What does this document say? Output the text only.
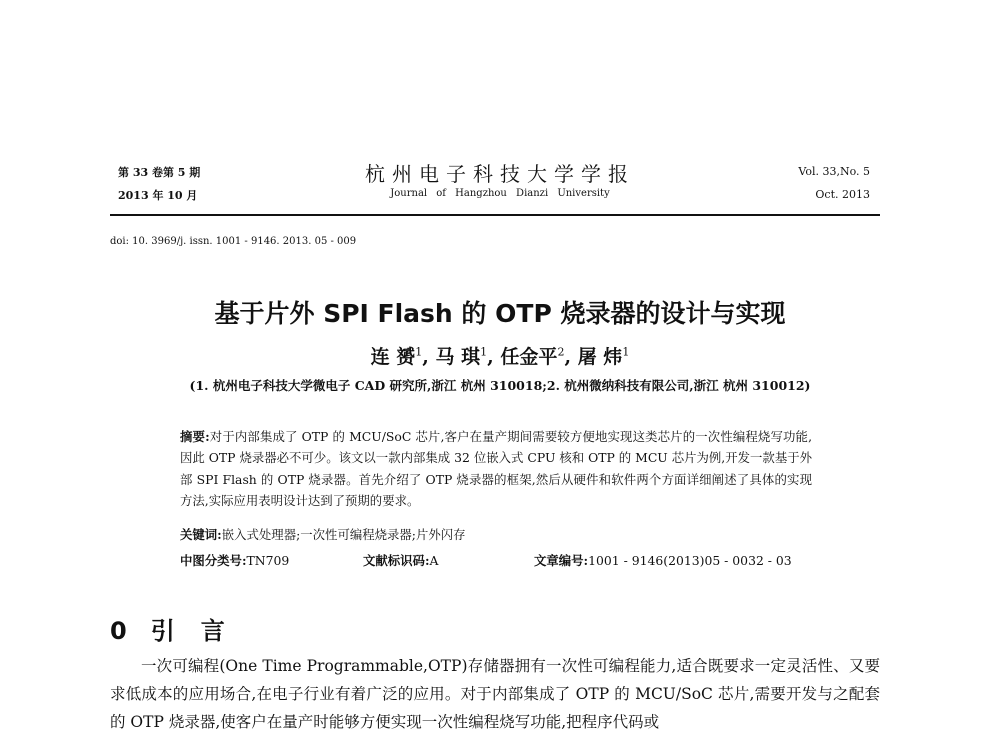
第 33 卷第 5 期
2013 年 10 月
杭州电子科技大学学报
Journal of Hangzhou Dianzi University
Vol. 33,No. 5
Oct. 2013
doi: 10. 3969/j. issn. 1001 - 9146. 2013. 05 - 009
基于片外 SPI Flash 的 OTP 烧录器的设计与实现
连 赟$^1$, 马 琪$^1$, 任金平$^2$, 屠 炜$^1$
(1. 杭州电子科技大学微电子 CAD 研究所,浙江 杭州 310018;2. 杭州微纳科技有限公司,浙江 杭州 310012)
摘要:对于内部集成了 OTP 的 MCU/SoC 芯片,客户在量产期间需要较方便地实现这类芯片的一次性编程烧写功能,因此 OTP 烧录器必不可少。该文以一款内部集成 32 位嵌入式 CPU 核和 OTP 的 MCU 芯片为例,开发一款基于外部 SPI Flash 的 OTP 烧录器。首先介绍了 OTP 烧录器的框架,然后从硬件和软件两个方面详细阐述了具体的实现方法,实际应用表明设计达到了预期的要求。
关键词:嵌入式处理器;一次性可编程烧录器;片外闪存
中图分类号:TN709	文献标识码:A	文章编号:1001 - 9146(2013)05 - 0032 - 03
0 引言
一次可编程(One Time Programmable,OTP)存储器拥有一次性可编程能力,适合既要求一定灵活性、又要求低成本的应用场合,在电子行业有着广泛的应用。对于内部集成了 OTP 的 MCU/SoC 芯片,需要开发与之配套的 OTP 烧录器,使客户在量产时能够方便实现一次性编程烧写功能,把程序代码或
